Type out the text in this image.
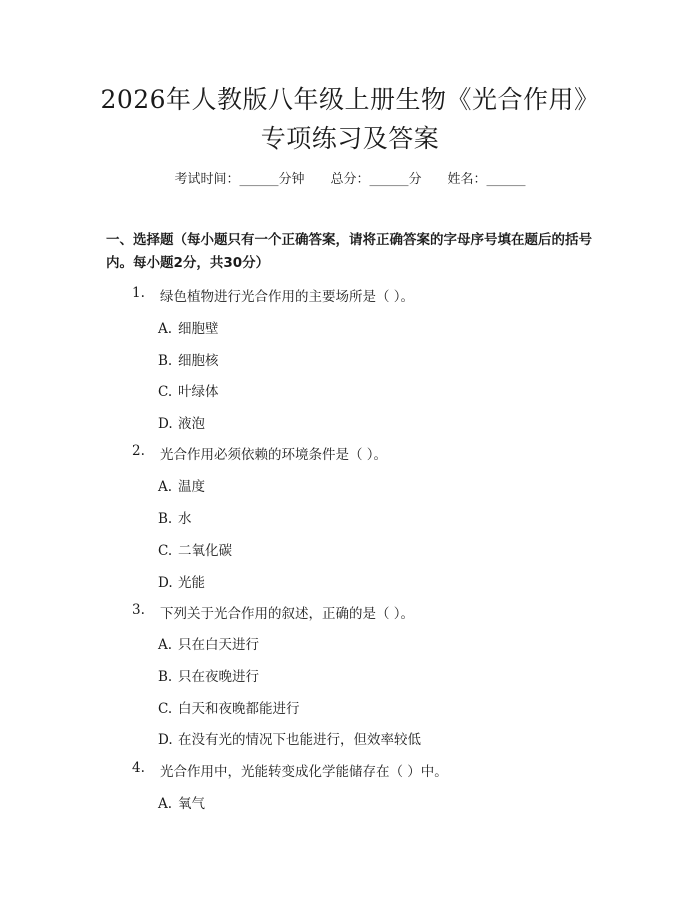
2026年人教版八年级上册生物《光合作用》
专项练习及答案
考试时间：______分钟 总分：______分 姓名：______
一、选择题（每小题只有一个正确答案，请将正确答案的字母序号填在题后的括号内。每小题2分，共30分）
1. 绿色植物进行光合作用的主要场所是（ ）。
A. 细胞壁
B. 细胞核
C. 叶绿体
D. 液泡
2. 光合作用必须依赖的环境条件是（ ）。
A. 温度
B. 水
C. 二氧化碳
D. 光能
3. 下列关于光合作用的叙述，正确的是（ ）。
A. 只在白天进行
B. 只在夜晚进行
C. 白天和夜晚都能进行
D. 在没有光的情况下也能进行，但效率较低
4. 光合作用中，光能转变成化学能储存在（ ）中。
A. 氧气
